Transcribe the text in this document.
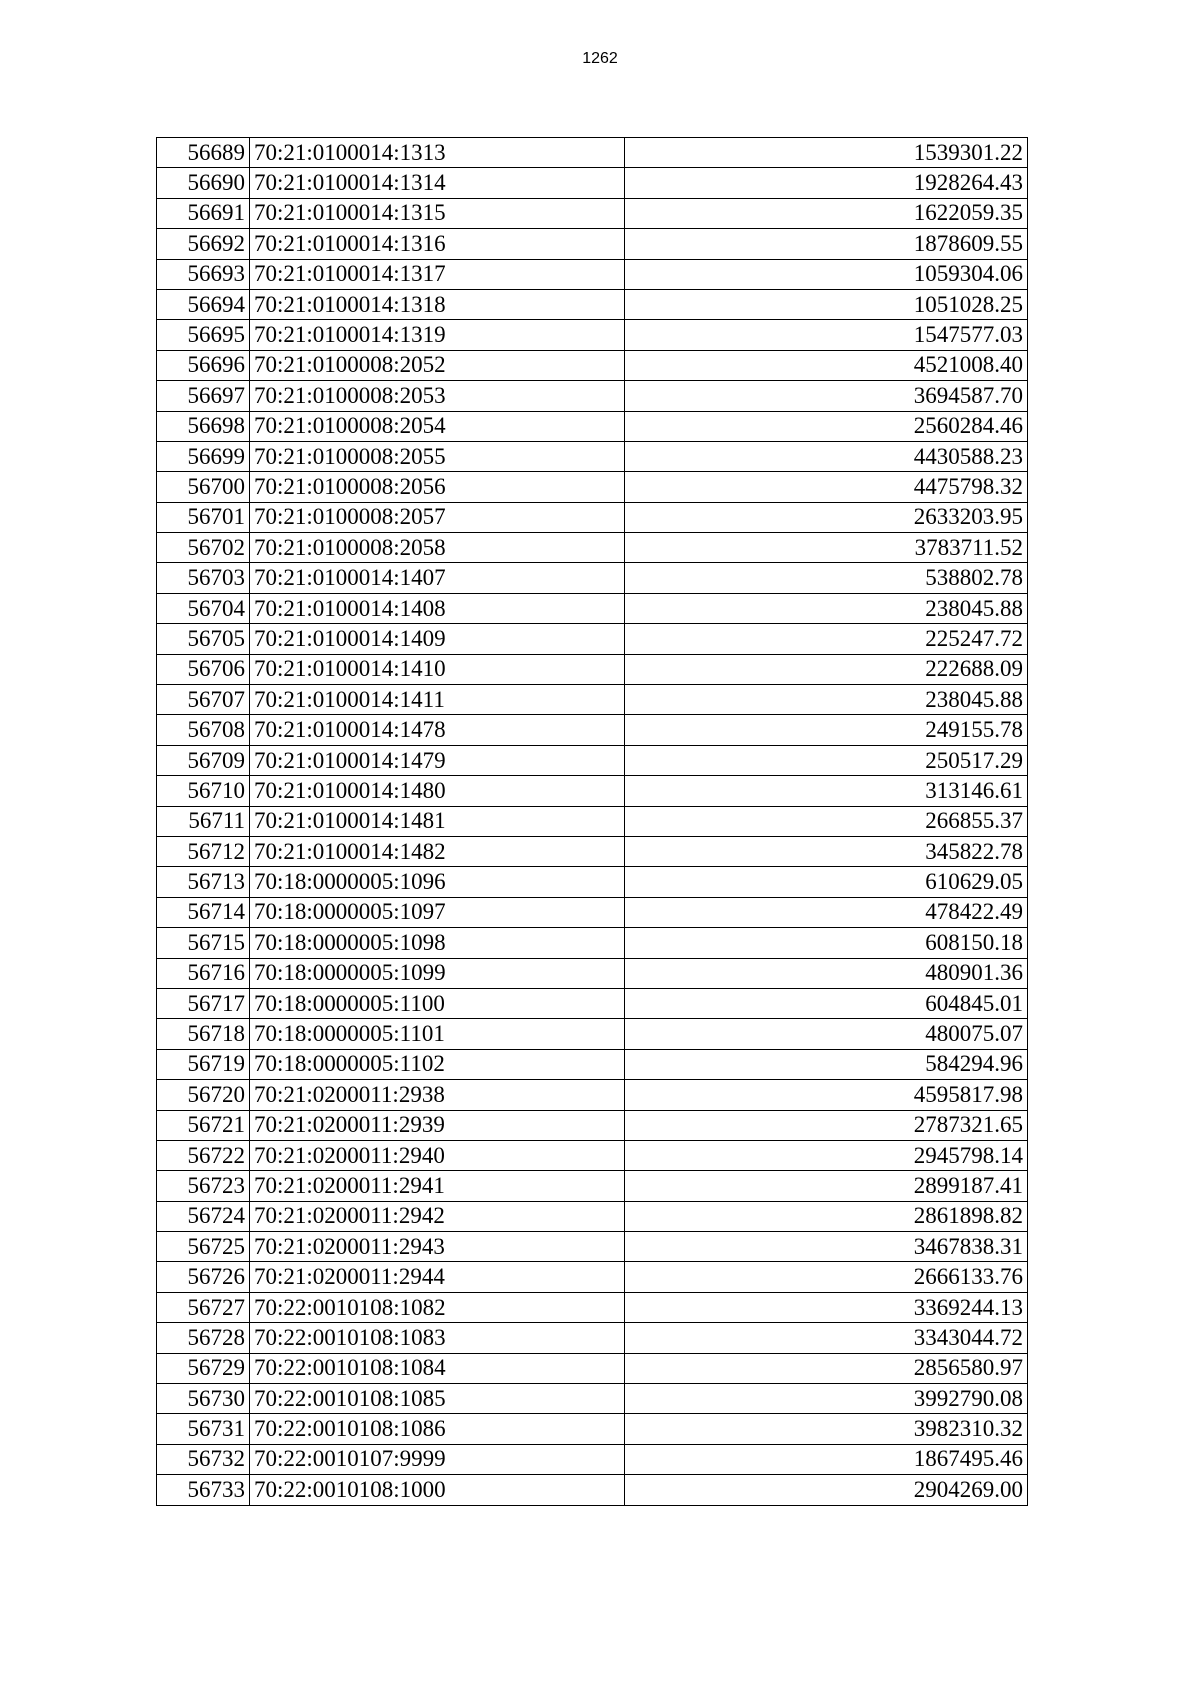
1262
56689	70:21:0100014:1313	1539301.22
56690	70:21:0100014:1314	1928264.43
56691	70:21:0100014:1315	1622059.35
56692	70:21:0100014:1316	1878609.55
56693	70:21:0100014:1317	1059304.06
56694	70:21:0100014:1318	1051028.25
56695	70:21:0100014:1319	1547577.03
56696	70:21:0100008:2052	4521008.40
56697	70:21:0100008:2053	3694587.70
56698	70:21:0100008:2054	2560284.46
56699	70:21:0100008:2055	4430588.23
56700	70:21:0100008:2056	4475798.32
56701	70:21:0100008:2057	2633203.95
56702	70:21:0100008:2058	3783711.52
56703	70:21:0100014:1407	538802.78
56704	70:21:0100014:1408	238045.88
56705	70:21:0100014:1409	225247.72
56706	70:21:0100014:1410	222688.09
56707	70:21:0100014:1411	238045.88
56708	70:21:0100014:1478	249155.78
56709	70:21:0100014:1479	250517.29
56710	70:21:0100014:1480	313146.61
56711	70:21:0100014:1481	266855.37
56712	70:21:0100014:1482	345822.78
56713	70:18:0000005:1096	610629.05
56714	70:18:0000005:1097	478422.49
56715	70:18:0000005:1098	608150.18
56716	70:18:0000005:1099	480901.36
56717	70:18:0000005:1100	604845.01
56718	70:18:0000005:1101	480075.07
56719	70:18:0000005:1102	584294.96
56720	70:21:0200011:2938	4595817.98
56721	70:21:0200011:2939	2787321.65
56722	70:21:0200011:2940	2945798.14
56723	70:21:0200011:2941	2899187.41
56724	70:21:0200011:2942	2861898.82
56725	70:21:0200011:2943	3467838.31
56726	70:21:0200011:2944	2666133.76
56727	70:22:0010108:1082	3369244.13
56728	70:22:0010108:1083	3343044.72
56729	70:22:0010108:1084	2856580.97
56730	70:22:0010108:1085	3992790.08
56731	70:22:0010108:1086	3982310.32
56732	70:22:0010107:9999	1867495.46
56733	70:22:0010108:1000	2904269.00
